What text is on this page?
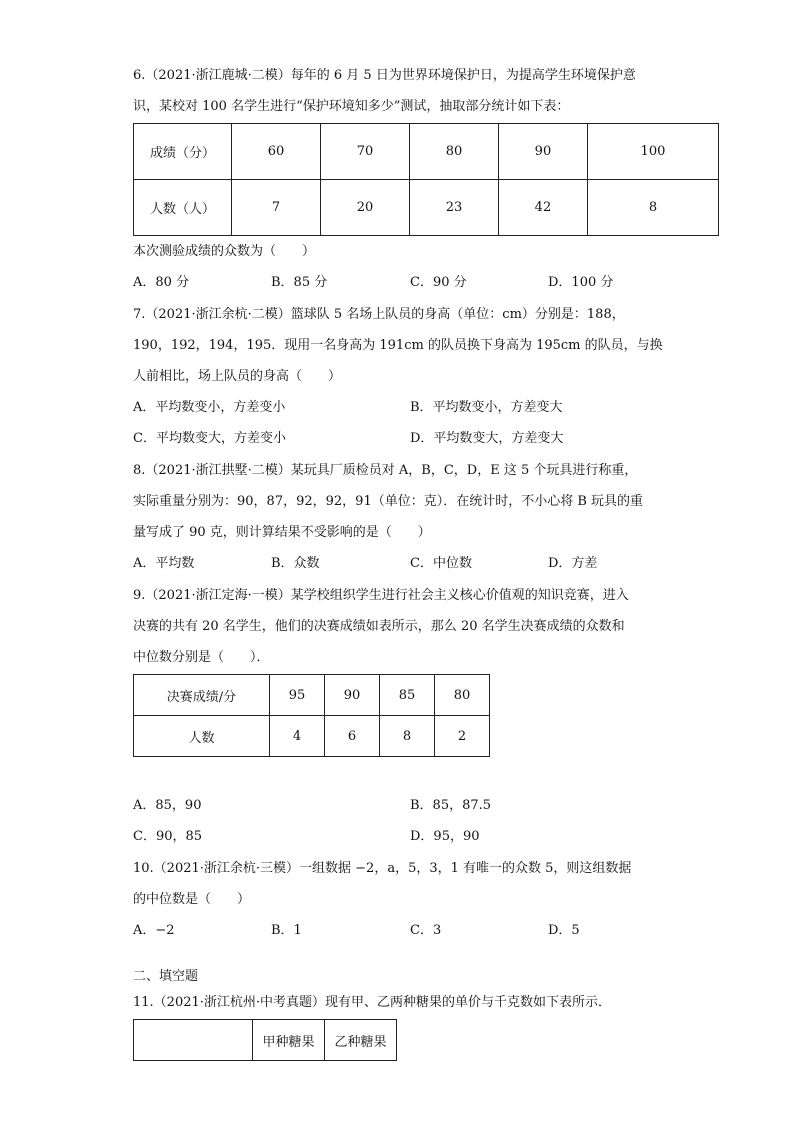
6.（2021·浙江鹿城·二模）每年的 6 月 5 日为世界环境保护日，为提高学生环境保护意
识，某校对 100 名学生进行“保护环境知多少”测试，抽取部分统计如下表：
成绩（分）	60	70	80	90	100
人数（人）	7	20	23	42	8
本次测验成绩的众数为（　　）
A．80 分	B．85 分	C．90 分	D．100 分
7.（2021·浙江余杭·二模）篮球队 5 名场上队员的身高（单位：cm）分别是：188，
190，192，194，195．现用一名身高为 191cm 的队员换下身高为 195cm 的队员，与换
人前相比，场上队员的身高（　　）
A．平均数变小，方差变小	B．平均数变小，方差变大
C．平均数变大，方差变小	D．平均数变大，方差变大
8.（2021·浙江拱墅·二模）某玩具厂质检员对 A，B，C，D，E 这 5 个玩具进行称重，
实际重量分别为：90，87，92，92，91（单位：克）．在统计时，不小心将 B 玩具的重
量写成了 90 克，则计算结果不受影响的是（　　）
A．平均数	B．众数	C．中位数	D．方差
9.（2021·浙江定海·一模）某学校组织学生进行社会主义核心价值观的知识竞赛，进入
决赛的共有 20 名学生，他们的决赛成绩如表所示，那么 20 名学生决赛成绩的众数和
中位数分别是（　　）．
决赛成绩/分	95	90	85	80
人数	4	6	8	2
A．85，90	B．85，87.5
C．90，85	D．95，90
10.（2021·浙江余杭·三模）一组数据 −2，a，5，3，1 有唯一的众数 5，则这组数据
的中位数是（　　）
A．−2	B．1	C．3	D．5
二、填空题
11.（2021·浙江杭州·中考真题）现有甲、乙两种糖果的单价与千克数如下表所示．
	甲种糖果	乙种糖果
